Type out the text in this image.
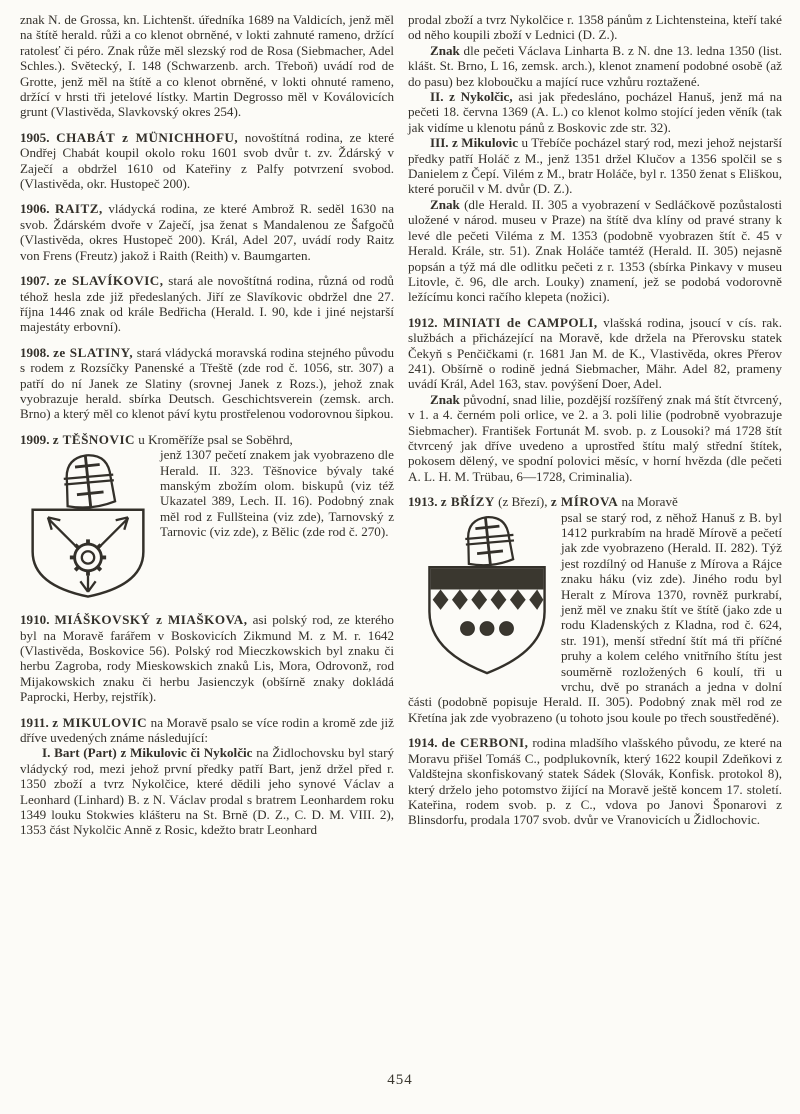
znak N. de Grossa, kn. Lichtenšt. úředníka 1689 na Valdicích, jenž měl na štítě herald. růži a co klenot obrněné, v lokti zahnuté rameno, držící ratolesť či péro. Znak růže měl slezský rod de Rosa (Siebmacher, Adel Schles.). Světecký, I. 148 (Schwarzenb. arch. Třeboň) uvádí rod de Grotte, jenž měl na štítě a co klenot obrněné, v lokti ohnuté rameno, držící v hrsti tři jetelové lístky. Martin Degrosso měl v Koválovicích grunt (Vlastivěda, Slavkovský okres 254).

1905. CHABÁT z MÜNICHHOFU, novoštítná rodina, ze které Ondřej Chabát koupil okolo roku 1601 svob dvůr t. zv. Ždárský v Zaječí a obdržel 1610 od Kateřiny z Palfy potvrzení svobod. (Vlastivěda, okr. Hustopeč 200).

1906. RAITZ, vládycká rodina, ze které Ambrož R. seděl 1630 na svob. Ždárském dvoře v Zaječí, jsa ženat s Mandalenou ze Šafgočů (Vlastivěda, okres Hustopeč 200). Král, Adel 207, uvádí rody Raitz von Frens (Freutz) jakož i Raith (Reith) v. Baumgarten.

1907. ze SLAVÍKOVIC, stará ale novoštítná rodina, různá od rodů téhož hesla zde již předeslaných. Jiří ze Slavíkovic obdržel dne 27. října 1446 znak od krále Bedřicha (Herald. I. 90, kde i jiné nejstarší majestáty erbovní).

1908. ze SLATINY, stará vládycká moravská rodina stejného původu s rodem z Rozsíčky Panenské a Třeště (zde rod č. 1056, str. 307) a patří do ní Janek ze Slatiny (srovnej Janek z Rozs.), jehož znak vyobrazuje herald. sbírka Deutsch. Geschichtsverein (zemsk. arch. Brno) a který měl co klenot páví kytu prostřelenou vodorovnou šipkou.

1909. z TĚŠNOVIC u Kroměříže psal se Soběhrd,

jenž 1307 pečetí znakem jak vyobrazeno dle Herald. II. 323. Těšnovice bývaly také manským zbožím olom. biskupů (viz též Ukazatel 389, Lech. II. 16). Podobný znak měl rod z Fullšteina (viz zde), Tarnovský z Tarnovic (viz zde), z Bělic (zde rod č. 270).

1910. MIÁŠKOVSKÝ z MIAŠKOVA, asi polský rod, ze kterého byl na Moravě farářem v Boskovicích Zikmund M. z M. r. 1642 (Vlastivěda, Boskovice 56). Polský rod Mieczkowskich byl znaku či herbu Zagroba, rody Mieskowskich znaků Lis, Mora, Odrovonž, rod Mijakowskich znaku či herbu Jasienczyk (obšírně znaky dokládá Paprocki, Herby, rejstřík).

1911. z MIKULOVIC na Moravě psalo se více rodin a kromě zde již dříve uvedených známe následující:

I. Bart (Part) z Mikulovic či Nykolčic na Židlochovsku byl starý vládycký rod, mezi jehož první předky patří Bart, jenž držel před r. 1350 zboží a tvrz Nykolčice, které dědili jeho synové Václav a Leonhard (Linhard) B. z N. Václav prodal s bratrem Leonhardem roku 1349 louku Stokwies klášteru na St. Brně (D. Z., C. D. M. VIII. 2), 1353 část Nykolčic Anně z Rosic, kdežto bratr Leonhard

prodal zboží a tvrz Nykolčice r. 1358 pánům z Lichtensteina, kteří také od něho koupili zboží v Lednici (D. Z.).

Znak dle pečeti Václava Linharta B. z N. dne 13. ledna 1350 (list. klášt. St. Brno, L 16, zemsk. arch.), klenot znamení podobné osobě (až do pasu) bez kloboučku a mající ruce vzhůru roztažené.

II. z Nykolčic, asi jak předesláno, pocházel Hanuš, jenž má na pečeti 18. června 1369 (A. L.) co klenot kolmo stojící jeden věník (tak jak vidíme u klenotu pánů z Boskovic zde str. 32).

III. z Mikulovic u Třebíče pocházel starý rod, mezi jehož nejstarší předky patří Holáč z M., jenž 1351 držel Klučov a 1356 spolčil se s Danielem z Čepí. Vilém z M., bratr Holáče, byl r. 1350 ženat s Eliškou, které poručil v M. dvůr (D. Z.).

Znak (dle Herald. II. 305 a vyobrazení v Sedláčkově pozůstalosti uložené v národ. museu v Praze) na štítě dva klíny od pravé strany k levé dle pečeti Viléma z M. 1353 (podobně vyobrazen štít č. 45 v Herald. Krále, str. 51). Znak Holáče tamtéž (Herald. II. 305) nejasně popsán a týž má dle odlitku pečeti z r. 1353 (sbírka Pinkavy v museu Litovle, č. 96, dle arch. Louky) znamení, jež se podobá vodorovně ležícímu konci račího klepeta (nožici).

1912. MINIATI de CAMPOLI, vlašská rodina, jsoucí v cís. rak. službách a přicházející na Moravě, kde držela na Přerovsku statek Čekyň s Penčičkami (r. 1681 Jan M. de K., Vlastivěda, okres Přerov 241). Obšírně o rodině jedná Siebmacher, Mähr. Adel 82, prameny uvádí Král, Adel 163, stav. povýšení Doer, Adel.

Znak původní, snad lilie, pozdější rozšířený znak má štít čtvrcený, v 1. a 4. černém poli orlice, ve 2. a 3. poli lilie (podrobně vyobrazuje Siebmacher). František Fortunát M. svob. p. z Lousoki? má 1728 štít čtvrcený jak dříve uvedeno a uprostřed štítu malý střední štítek, pokosem dělený, ve spodní polovici měsíc, v horní hvězda (dle pečeti A. L. H. M. Trübau, 6—1728, Criminalia).

1913. z BŘÍZY (z Březí), z MÍROVA na Moravě

psal se starý rod, z něhož Hanuš z B. byl 1412 purkrabím na hradě Mírově a pečetí jak zde vyobrazeno (Herald. II. 282). Týž jest rozdílný od Hanuše z Mírova a Rájce znaku háku (viz zde). Jiného rodu byl Heralt z Mírova 1370, rovněž purkrabí, jenž měl ve znaku štít ve štítě (jako zde u rodu Kladenských z Kladna, rod č. 624, str. 191), menší střední štít má tři příčné pruhy a kolem celého vnitřního štítu jest souměrně rozložených 6 koulí, tři u vrchu, dvě po stranách a jedna v dolní části (podobně popisuje Herald. II. 305). Podobný znak měl rod ze Křetína jak zde vyobrazeno (u tohoto jsou koule po třech soustředěné).

1914. de CERBONI, rodina mladšího vlašského původu, ze které na Moravu přišel Tomáš C., podplukovník, který 1622 koupil Zdeňkovi z Valdštejna skonfiskovaný statek Sádek (Slovák, Konfisk. protokol 8), který drželo jeho potomstvo žijící na Moravě ještě koncem 17. století. Kateřina, rodem svob. p. z C., vdova po Janovi Šponarovi z Blinsdorfu, prodala 1707 svob. dvůr ve Vranovicích u Židlochovic.

454
